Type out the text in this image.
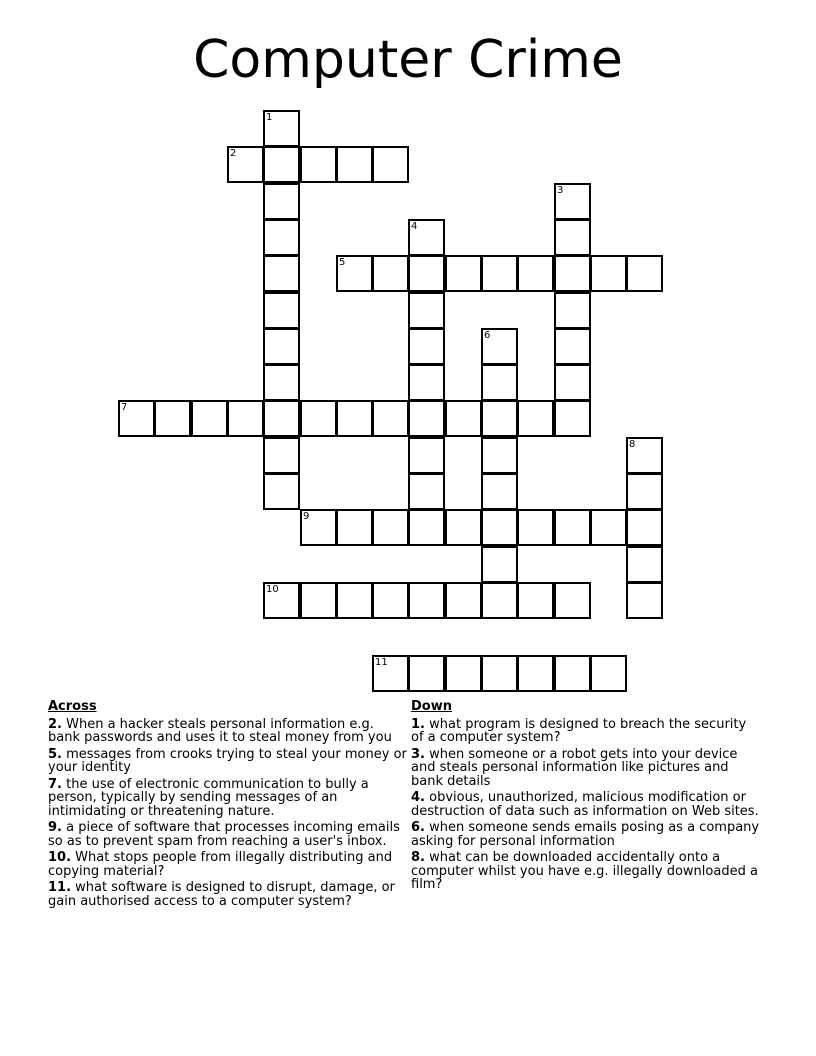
Computer Crime
1
2
3
4
5
6
7
8
9
10
11
Across
2. When a hacker steals personal information e.g. bank passwords and uses it to steal money from you
5. messages from crooks trying to steal your money or your identity
7. the use of electronic communication to bully a person, typically by sending messages of an intimidating or threatening nature.
9. a piece of software that processes incoming emails so as to prevent spam from reaching a user's inbox.
10. What stops people from illegally distributing and copying material?
11. what software is designed to disrupt, damage, or gain authorised access to a computer system?
Down
1. what program is designed to breach the security of a computer system?
3. when someone or a robot gets into your device and steals personal information like pictures and bank details
4. obvious, unauthorized, malicious modification or destruction of data such as information on Web sites.
6. when someone sends emails posing as a company asking for personal information
8. what can be downloaded accidentally onto a computer whilst you have e.g. illegally downloaded a film?
